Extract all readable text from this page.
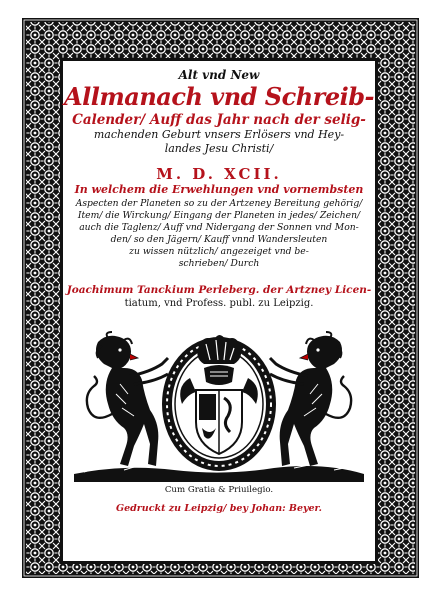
Alt vnd New
Allmanach vnd Schreib-
Calender/ Auff das Jahr nach der selig-
machenden Geburt vnsers Erlösers vnd Hey-
landes Jesu Christi/
M. D. XCII.
In welchem die Erwehlungen vnd vornembsten
Aspecten der Planeten so zu der Artzeney Bereitung gehörig/
Item/ die Wirckung/ Eingang der Planeten in jedes/ Zeichen/
auch die Taglenz/ Auff vnd Nidergang der Sonnen vnd Mon-
den/ so den Jägern/ Kauff vnnd Wandersleuten
zu wissen nützlich/ angezeiget vnd be-
schrieben/ Durch
Joachimum Tanckium Perleberg. der Artzney Licen-
tiatum, vnd Profess. publ. zu Leipzig.
Cum Gratia & Priuilegio.
Gedruckt zu Leipzig/ bey Johan: Beyer.
